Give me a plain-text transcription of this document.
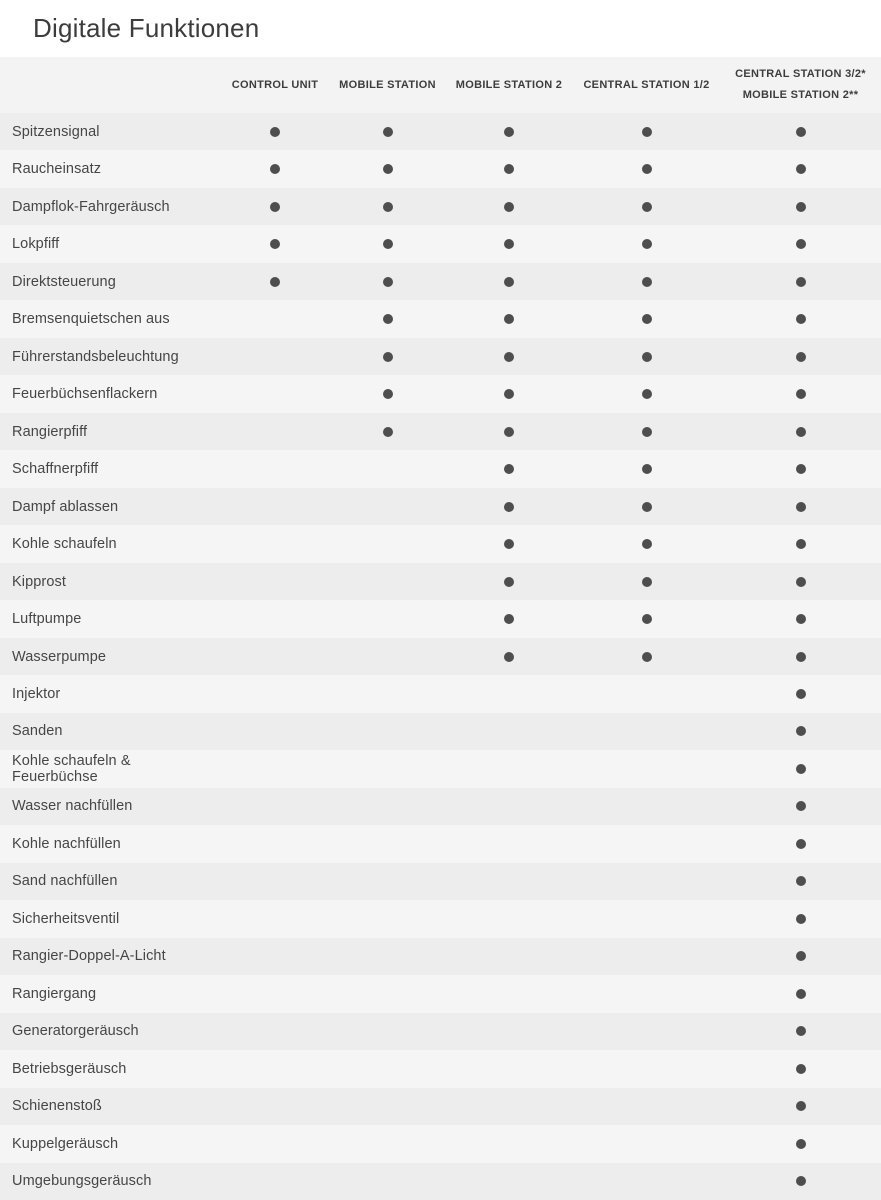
Digitale Funktionen
CONTROL UNIT MOBILE STATION MOBILE STATION 2 CENTRAL STATION 1/2
CENTRAL STATION 3/2*
MOBILE STATION 2**
Spitzensignal
Raucheinsatz
Dampflok-Fahrgeräusch
Lokpfiff
Direktsteuerung
Bremsenquietschen aus
Führerstandsbeleuchtung
Feuerbüchsenflackern
Rangierpfiff
Schaffnerpfiff
Dampf ablassen
Kohle schaufeln
Kipprost
Luftpumpe
Wasserpumpe
Injektor
Sanden
Kohle schaufeln & Feuerbüchse
Wasser nachfüllen
Kohle nachfüllen
Sand nachfüllen
Sicherheitsventil
Rangier-Doppel-A-Licht
Rangiergang
Generatorgeräusch
Betriebsgeräusch
Schienenstoß
Kuppelgeräusch
Umgebungsgeräusch
